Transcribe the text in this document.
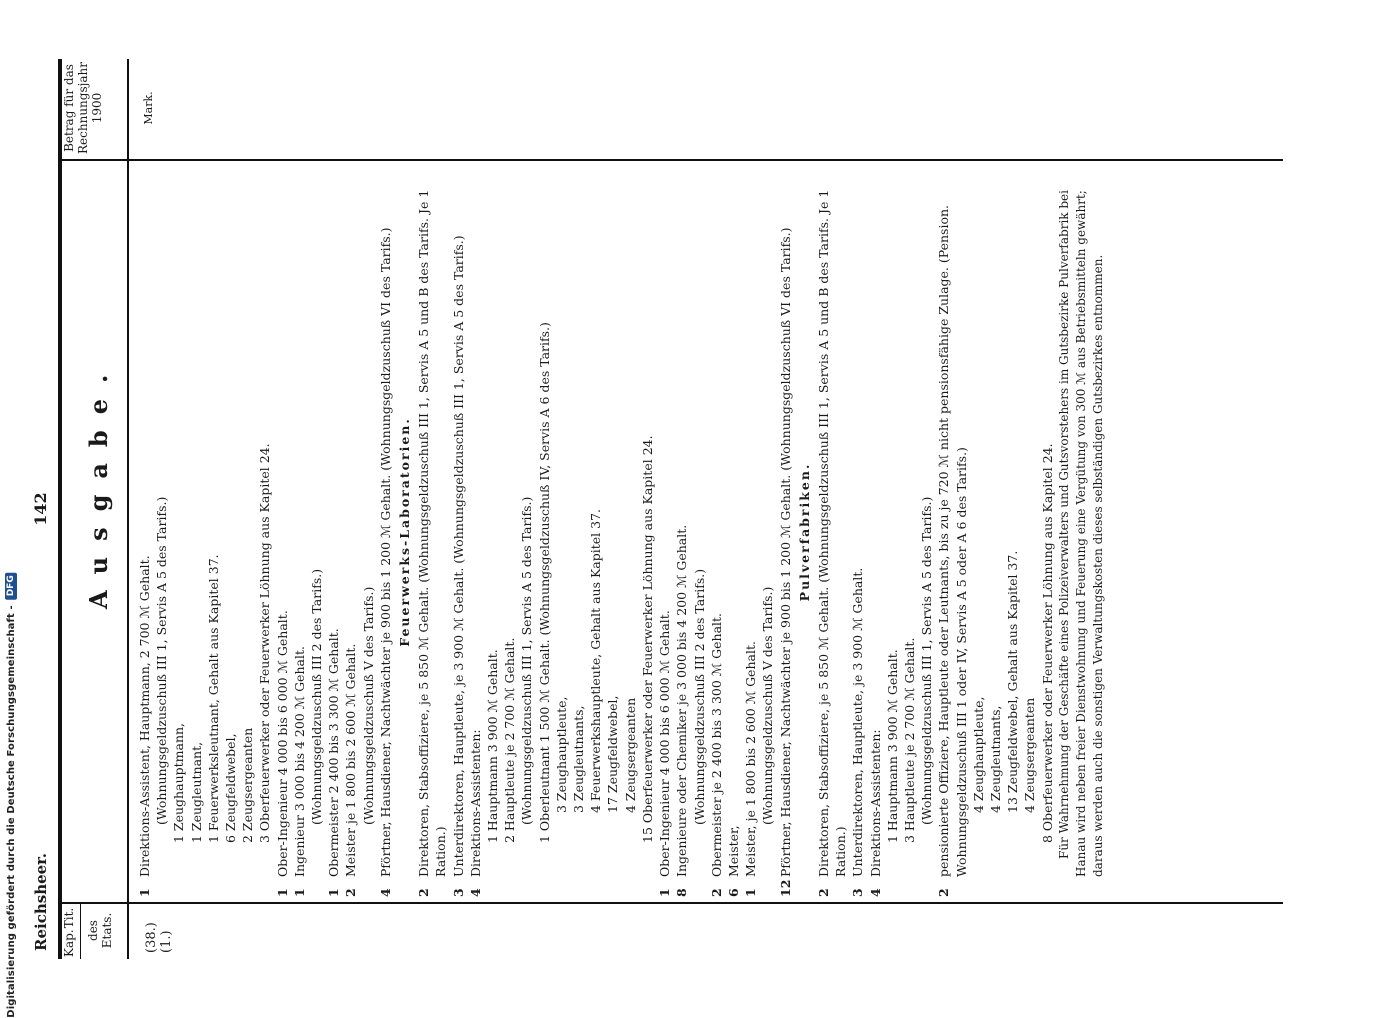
Digitalisierung gefördert durch die Deutsche Forschungsgemeinschaft -
DFG
Reichsheer.
142
Kap.
Tit.
des Etats.
Ausgabe.
Betrag für das Rechnungsjahr 1900	Mark.
(38.) (1.)
1
Direktions-Assistent, Hauptmann, 2 700 ℳ Gehalt. (Wohnungsgeldzuschuß III 1, Servis A 5 des Tarifs.) 1 Zeughauptmann, 1 Zeugleutnant, 1 Feuerwerksleutnant, Gehalt aus Kapitel 37. 6 Zeugfeldwebel, 2 Zeugsergeanten 3 Oberfeuerwerker oder Feuerwerker Löhnung aus Kapitel 24.
1
Ober-Ingenieur 4 000 bis 6 000 ℳ Gehalt.
1
Ingenieur 3 000 bis 4 200 ℳ Gehalt. (Wohnungsgeldzuschuß III 2 des Tarifs.)
1
Obermeister 2 400 bis 3 300 ℳ Gehalt.
2
Meister je 1 800 bis 2 600 ℳ Gehalt. (Wohnungsgeldzuschuß V des Tarifs.)
4
Pförtner, Hausdiener, Nachtwächter je 900 bis 1 200 ℳ Gehalt. (Wohnungsgeldzuschuß VI des Tarifs.) Feuerwerks-Laboratorien.
2
Direktoren, Stabsoffiziere, je 5 850 ℳ Gehalt. (Wohnungsgeldzuschuß III 1, Servis A 5 und B des Tarifs. Je 1 Ration.)
3
Unterdirektoren, Hauptleute, je 3 900 ℳ Gehalt. (Wohnungsgeldzuschuß III 1, Servis A 5 des Tarifs.)
4
Direktions-Assistenten: 1 Hauptmann 3 900 ℳ Gehalt. 2 Hauptleute je 2 700 ℳ Gehalt. (Wohnungsgeldzuschuß III 1, Servis A 5 des Tarifs.) 1 Oberleutnant 1 500 ℳ Gehalt. (Wohnungsgeldzuschuß IV, Servis A 6 des Tarifs.) 3 Zeughauptleute, 3 Zeugleutnants, 4 Feuerwerkshauptleute, Gehalt aus Kapitel 37. 17 Zeugfeldwebel, 4 Zeugsergeanten 15 Oberfeuerwerker oder Feuerwerker Löhnung aus Kapitel 24.
1
Ober-Ingenieur 4 000 bis 6 000 ℳ Gehalt.
8
Ingenieure oder Chemiker je 3 000 bis 4 200 ℳ Gehalt. (Wohnungsgeldzuschuß III 2 des Tarifs.)
2
Obermeister je 2 400 bis 3 300 ℳ Gehalt.
6
Meister,
1
Meister, je 1 800 bis 2 600 ℳ Gehalt. (Wohnungsgeldzuschuß V des Tarifs.)
12
Pförtner, Hausdiener, Nachtwächter je 900 bis 1 200 ℳ Gehalt. (Wohnungsgeldzuschuß VI des Tarifs.) Pulverfabriken.
2
Direktoren, Stabsoffiziere, je 5 850 ℳ Gehalt. (Wohnungsgeldzuschuß III 1, Servis A 5 und B des Tarifs. Je 1 Ration.)
3
Unterdirektoren, Hauptleute, je 3 900 ℳ Gehalt.
4
Direktions-Assistenten: 1 Hauptmann 3 900 ℳ Gehalt. 3 Hauptleute je 2 700 ℳ Gehalt. (Wohnungsgeldzuschuß III 1, Servis A 5 des Tarifs.)
2
pensionierte Offiziere, Hauptleute oder Leutnants, bis zu je 720 ℳ nicht pensionsfähige Zulage. (Pension. Wohnungsgeldzuschuß III 1 oder IV, Servis A 5 oder A 6 des Tarifs.) 4 Zeughauptleute, 4 Zeugleutnants, 13 Zeugfeldwebel, Gehalt aus Kapitel 37. 4 Zeugsergeanten 8 Oberfeuerwerker oder Feuerwerker Löhnung aus Kapitel 24. Für Wahrnehmung der Geschäfte eines Polizeiverwalters und Gutsvorstehers im Gutsbezirke Pulverfabrik bei Hanau wird neben freier Dienstwohnung und Feuerung eine Vergütung von 300 ℳ aus Betriebsmitteln gewährt; daraus werden auch die sonstigen Verwaltungskosten dieses selbständigen Gutsbezirkes entnommen.
